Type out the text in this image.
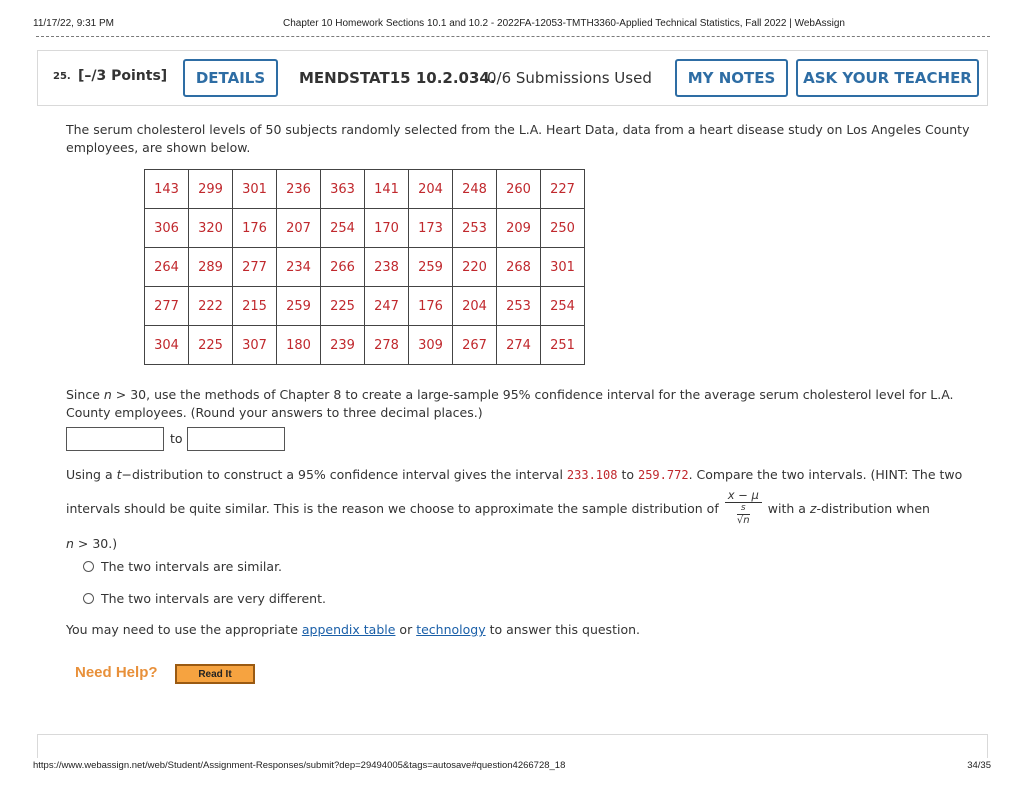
11/17/22, 9:31 PM	Chapter 10 Homework Sections 10.1 and 10.2 - 2022FA-12053-TMTH3360-Applied Technical Statistics, Fall 2022 | WebAssign
25. [–/3 Points]	DETAILS	MENDSTAT15 10.2.034.
0/6 Submissions Used	MY NOTES	ASK YOUR TEACHER

The serum cholesterol levels of 50 subjects randomly selected from the L.A. Heart Data, data from a heart disease study on Los Angeles County employees, are shown below.

143	299	301	236	363	141	204	248	260	227
306	320	176	207	254	170	173	253	209	250
264	289	277	234	266	238	259	220	268	301
277	222	215	259	225	247	176	204	253	254
304	225	307	180	239	278	309	267	274	251
Since n > 30, use the methods of Chapter 8 to create a large-sample 95% confidence interval for the average serum cholesterol level for L.A. County employees. (Round your answers to three decimal places.)
to
Using a t−distribution to construct a 95% confidence interval gives the interval 233.108 to 259.772. Compare the two intervals. (HINT: The two
intervals should be quite similar. This is the reason we choose to approximate the sample distribution of $\frac{x - \mu}{\frac{s}{√n}}$ with a z-distribution when
n > 30.)
The two intervals are similar.
The two intervals are very different.
You may need to use the appropriate appendix table or technology to answer this question.
Need Help?	Read It
https://www.webassign.net/web/Student/Assignment-Responses/submit?dep=29494005&tags=autosave#question4266728_18	34/35
